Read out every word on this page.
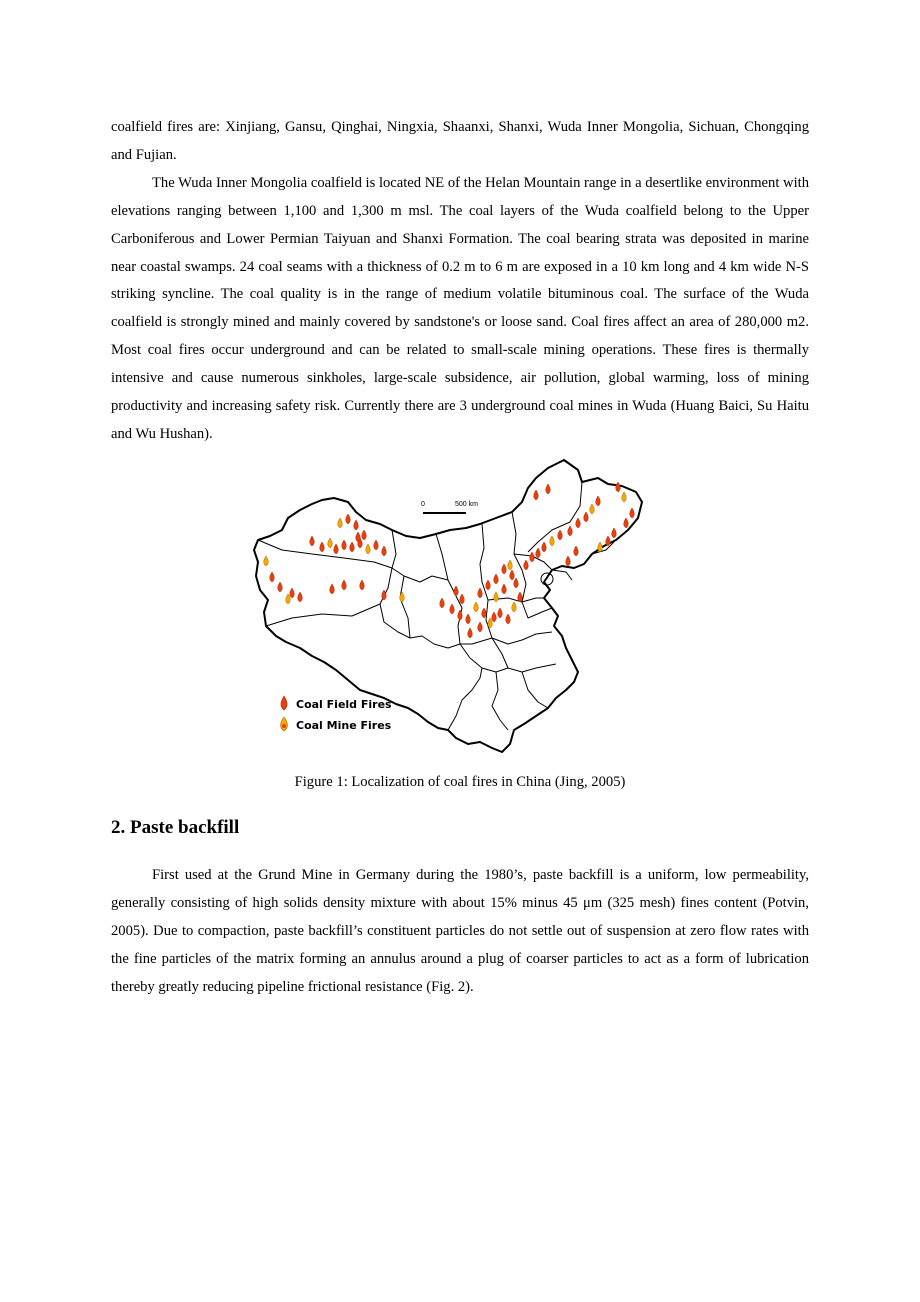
coalfield fires are: Xinjiang, Gansu, Qinghai, Ningxia, Shaanxi, Shanxi, Wuda Inner Mongolia, Sichuan, Chongqing and Fujian.

The Wuda Inner Mongolia coalfield is located NE of the Helan Mountain range in a desertlike environment with elevations ranging between 1,100 and 1,300 m msl. The coal layers of the Wuda coalfield belong to the Upper Carboniferous and Lower Permian Taiyuan and Shanxi Formation. The coal bearing strata was deposited in marine near coastal swamps. 24 coal seams with a thickness of 0.2 m to 6 m are exposed in a 10 km long and 4 km wide N-S striking syncline. The coal quality is in the range of medium volatile bituminous coal. The surface of the Wuda coalfield is strongly mined and mainly covered by sandstone's or loose sand. Coal fires affect an area of 280,000 m2. Most coal fires occur underground and can be related to small-scale mining operations. These fires is thermally intensive and cause numerous sinkholes, large-scale subsidence, air pollution, global warming, loss of mining productivity and increasing safety risk. Currently there are 3 underground coal mines in Wuda (Huang Baici, Su Haitu and Wu Hushan).

0	500 km
Coal Field Fires
Coal Mine Fires
Figure 1: Localization of coal fires in China (Jing, 2005)
2. Paste backfill

First used at the Grund Mine in Germany during the 1980’s, paste backfill is a uniform, low permeability, generally consisting of high solids density mixture with about 15% minus 45 μm (325 mesh) fines content (Potvin, 2005). Due to compaction, paste backfill’s constituent particles do not settle out of suspension at zero flow rates with the fine particles of the matrix forming an annulus around a plug of coarser particles to act as a form of lubrication thereby greatly reducing pipeline frictional resistance (Fig. 2).
